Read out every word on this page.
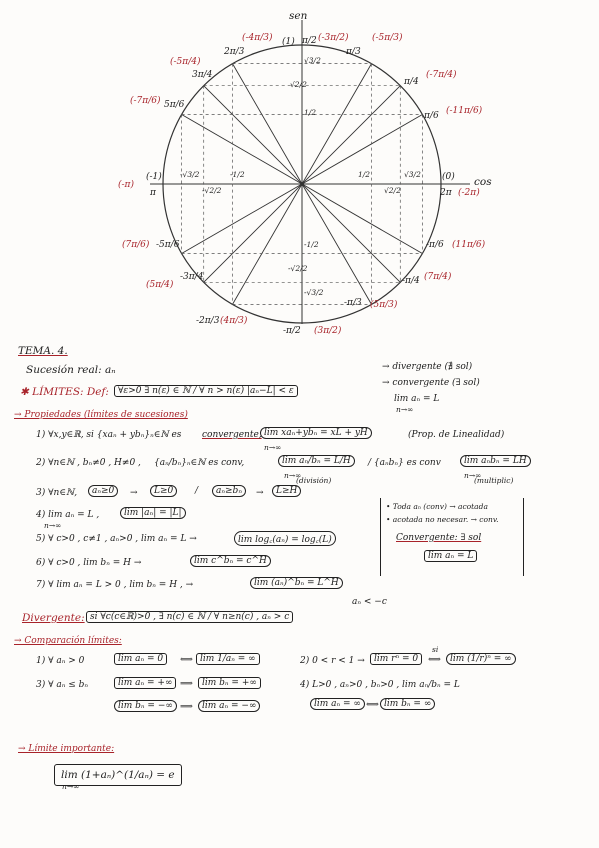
sen
cos
(1) π/2 (-3π/2)
π/3
(-5π/3)
π/4
(-7π/4)
π/6 (-11π/6)
(0)
2π (-2π)
-π/6 (11π/6)
-π/4 (7π/4)
-π/3 (5π/3)
-π/2 (3π/2)
2π/3
(-4π/3)
3π/4
(-5π/4)
5π/6
(-7π/6)
(-1)
π
(-π)
-5π/6
(7π/6)
-3π/4
(5π/4)
-2π/3 (4π/3)
√3/2
√2/2
1/2
-1/2
-√2/2
-√3/2
1/2
√2/2
√3/2
-1/2
-√2/2
-√3/2
TEMA. 4.
Sucesión real: aₙ	→ divergente (∄ sol)
→ convergente (∃ sol)
lim aₙ = L
n→∞
✱ LÍMITES: Def:	∀ε>0 ∃ n(ε) ∈ ℕ / ∀ n > n(ε) |aₙ−L| < ε
→ Propiedades (límites de sucesiones)
1) ∀x,y∈ℝ, si {xaₙ + ybₙ}ₙ∈ℕ es convergente, lim xaₙ+ybₙ = xL + yH
n→∞
(Prop. de Linealidad)
2) ∀n∈ℕ , bₙ≠0 , H≠0 , {aₙ/bₙ}ₙ∈ℕ es conv,	lim aₙ/bₙ = L/H
n→∞
(división)
/ {aₙbₙ} es conv	lim aₙbₙ = LH
n→∞
(multiplic)
3) ∀n∈ℕ,	aₙ≥0	→	L≥0	/	aₙ≥bₙ	→	L≥H
4) lim aₙ = L ,
n→∞
lim |aₙ| = |L|
5) ∀ c>0 , c≠1 , aₙ>0 , lim aₙ = L →	lim log꜀(aₙ) = log꜀(L)
6) ∀ c>0 , lim bₙ = H →	lim c^bₙ = c^H
7) ∀ lim aₙ = L > 0 , lim bₙ = H , →	lim (aₙ)^bₙ = L^H
• Toda aₙ (conv) → acotada
• acotada no necesar. → conv.
Convergente: ∃ sol
lim aₙ = L
aₙ < −c
Divergente: si ∀c(c∈ℝ)>0 , ∃ n(c) ∈ ℕ / ∀ n≥n(c) , aₙ > c
→ Comparación límites:
1) ∀ aₙ > 0	lim aₙ = 0	⟺ lim 1/aₙ = ∞	2) 0 < r < 1 →	lim rⁿ = 0
si
⟺	lim (1/r)ⁿ = ∞
3) ∀ aₙ ≤ bₙ	lim aₙ = +∞ ⟹	lim bₙ = +∞
lim bₙ = −∞ ⟹	lim aₙ = −∞
4) L>0 , aₙ>0 , bₙ>0 , lim aₙ/bₙ = L
lim aₙ = ∞ ⟺ lim bₙ = ∞
→ Límite importante:
lim (1+aₙ)^(1/aₙ) = e
n→∞
